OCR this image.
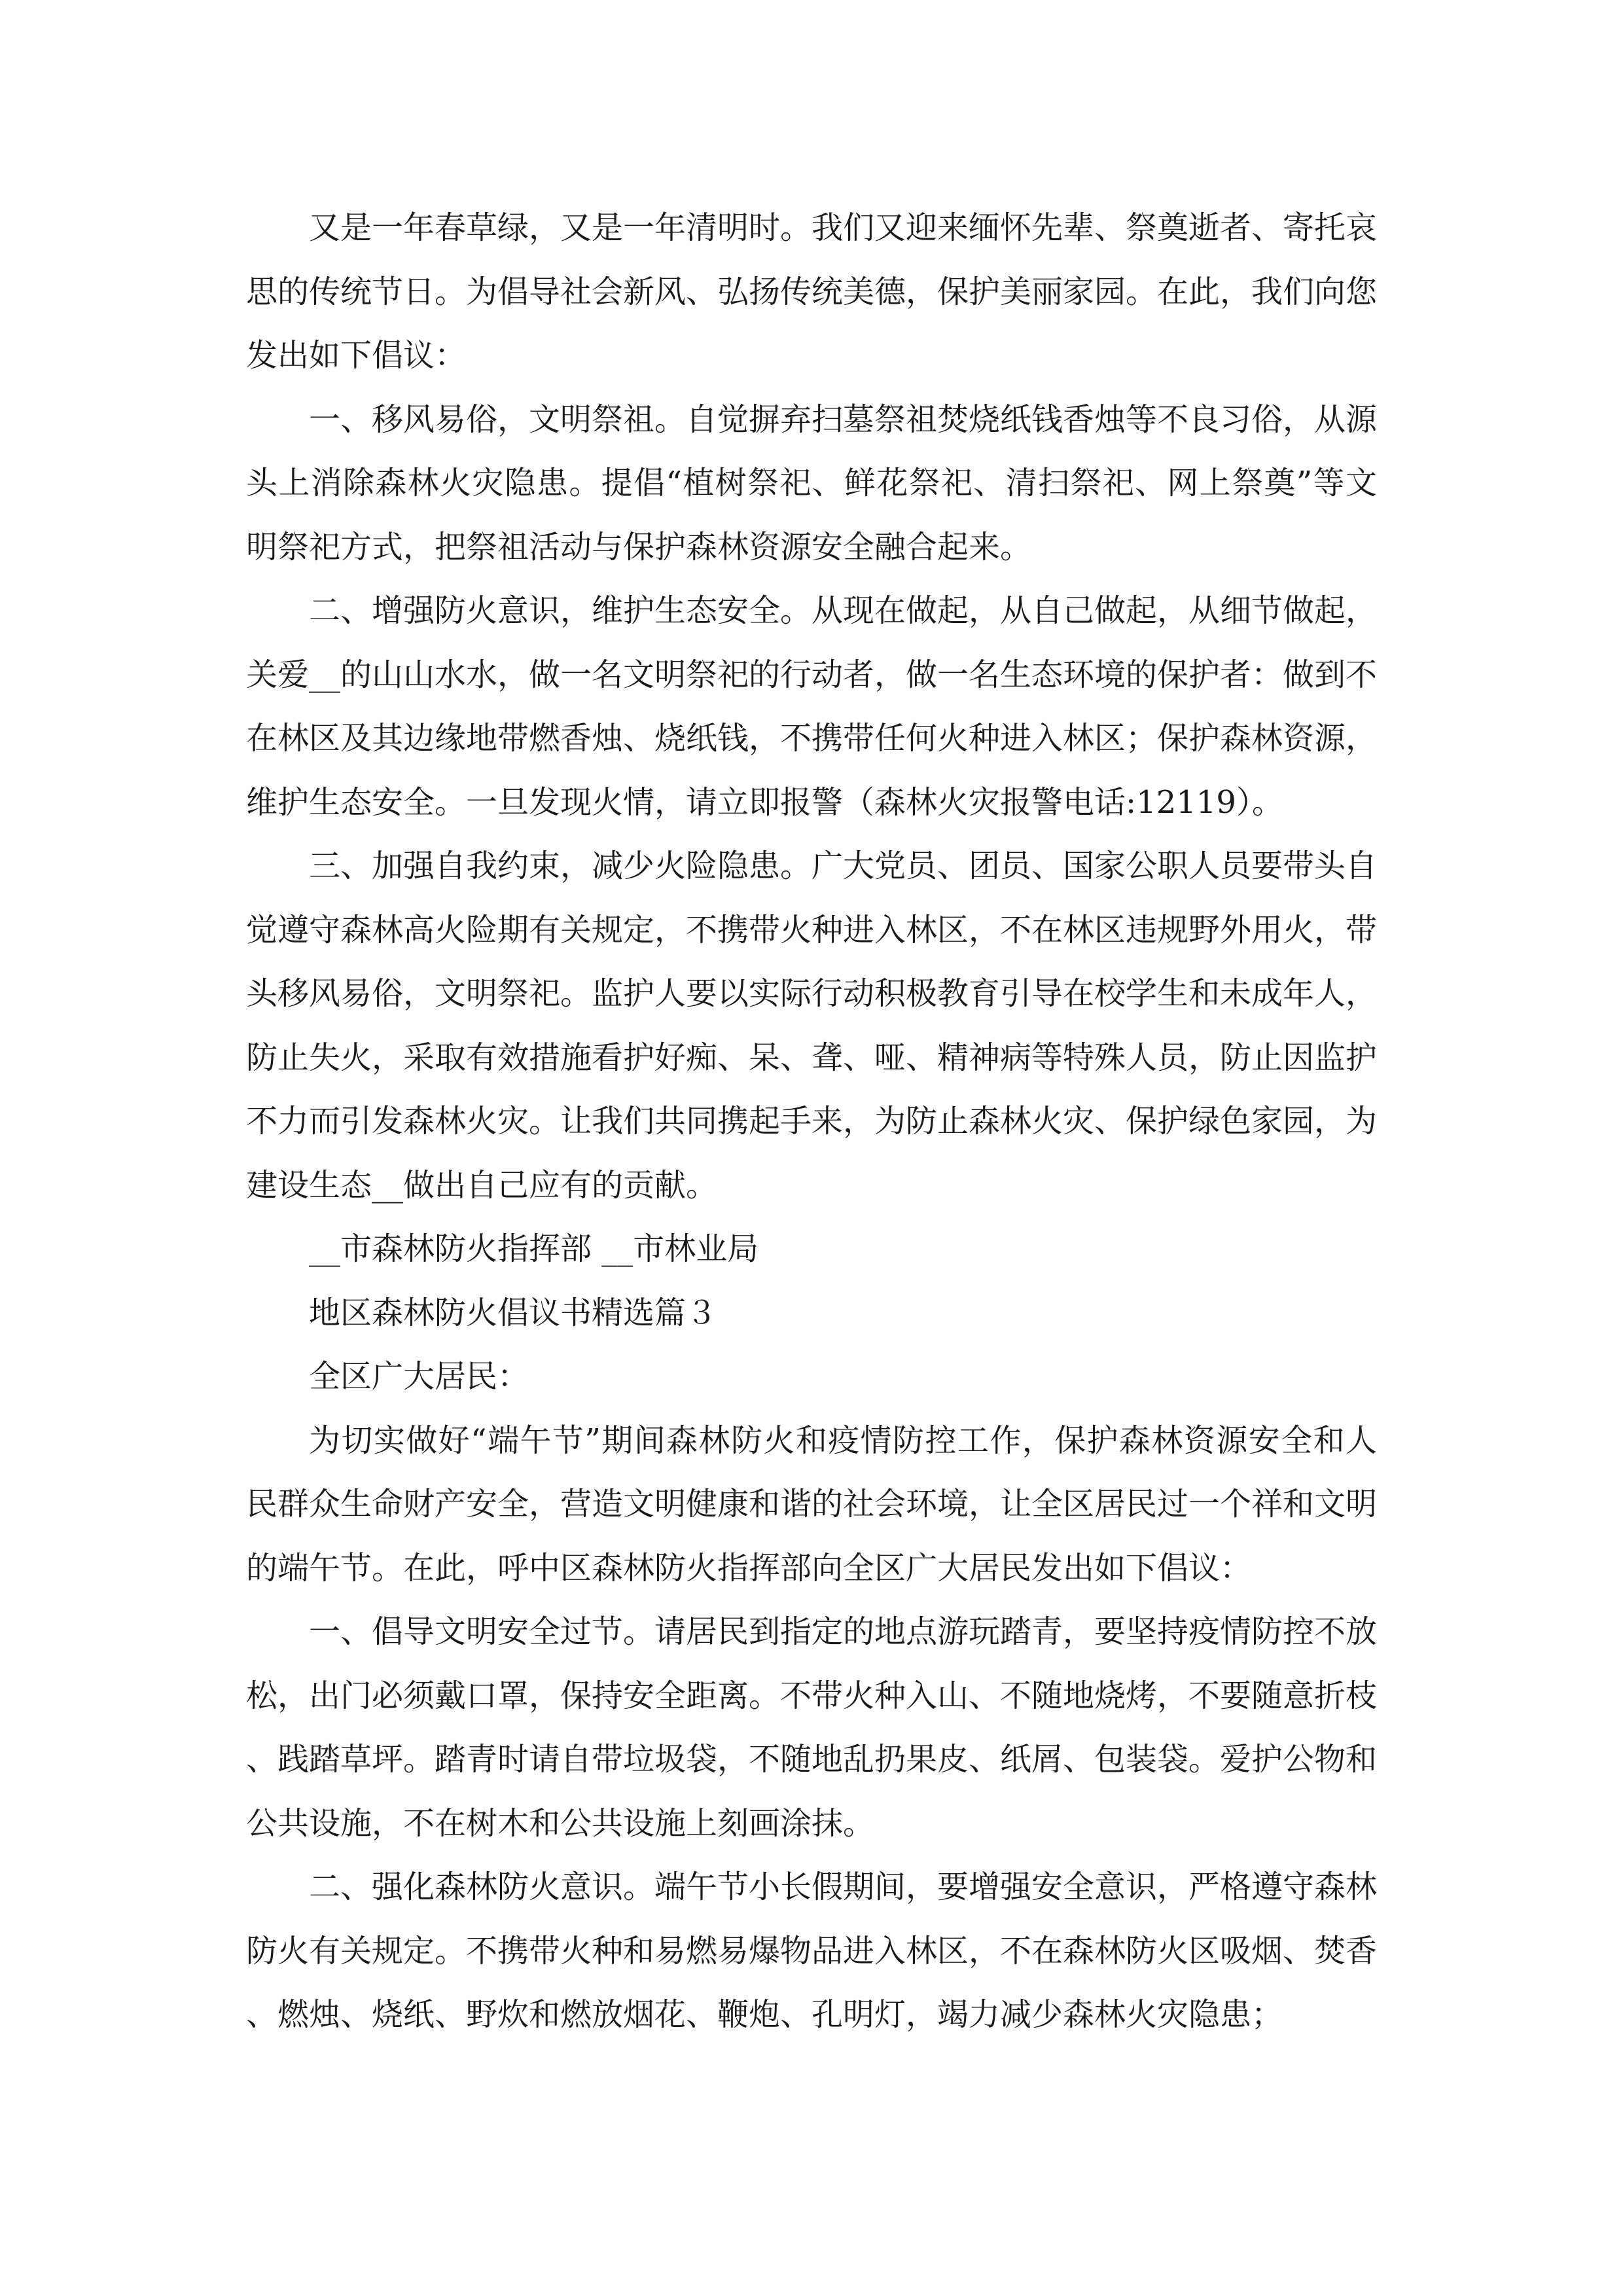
又是一年春草绿，又是一年清明时。我们又迎来缅怀先辈、祭奠逝者、寄托哀思的传统节日。为倡导社会新风、弘扬传统美德，保护美丽家园。在此，我们向您发出如下倡议：

一、移风易俗，文明祭祖。自觉摒弃扫墓祭祖焚烧纸钱香烛等不良习俗，从源头上消除森林火灾隐患。提倡“植树祭祀、鲜花祭祀、清扫祭祀、网上祭奠”等文明祭祀方式，把祭祖活动与保护森林资源安全融合起来。

二、增强防火意识，维护生态安全。从现在做起，从自己做起，从细节做起，关爱__的山山水水，做一名文明祭祀的行动者，做一名生态环境的保护者：做到不在林区及其边缘地带燃香烛、烧纸钱，不携带任何火种进入林区；保护森林资源，维护生态安全。一旦发现火情，请立即报警（森林火灾报警电话:12119）。

三、加强自我约束，减少火险隐患。广大党员、团员、国家公职人员要带头自觉遵守森林高火险期有关规定，不携带火种进入林区，不在林区违规野外用火，带头移风易俗，文明祭祀。监护人要以实际行动积极教育引导在校学生和未成年人，防止失火，采取有效措施看护好痴、呆、聋、哑、精神病等特殊人员，防止因监护不力而引发森林火灾。让我们共同携起手来，为防止森林火灾、保护绿色家园，为建设生态__做出自己应有的贡献。

__市森林防火指挥部 __市林业局

地区森林防火倡议书精选篇３

全区广大居民：

为切实做好“端午节”期间森林防火和疫情防控工作，保护森林资源安全和人民群众生命财产安全，营造文明健康和谐的社会环境，让全区居民过一个祥和文明的端午节。在此，呼中区森林防火指挥部向全区广大居民发出如下倡议：

一、倡导文明安全过节。请居民到指定的地点游玩踏青，要坚持疫情防控不放松，出门必须戴口罩，保持安全距离。不带火种入山、不随地烧烤，不要随意折枝、践踏草坪。踏青时请自带垃圾袋，不随地乱扔果皮、纸屑、包装袋。爱护公物和公共设施，不在树木和公共设施上刻画涂抹。

二、强化森林防火意识。端午节小长假期间，要增强安全意识，严格遵守森林防火有关规定。不携带火种和易燃易爆物品进入林区，不在森林防火区吸烟、焚香、燃烛、烧纸、野炊和燃放烟花、鞭炮、孔明灯，竭力减少森林火灾隐患；
